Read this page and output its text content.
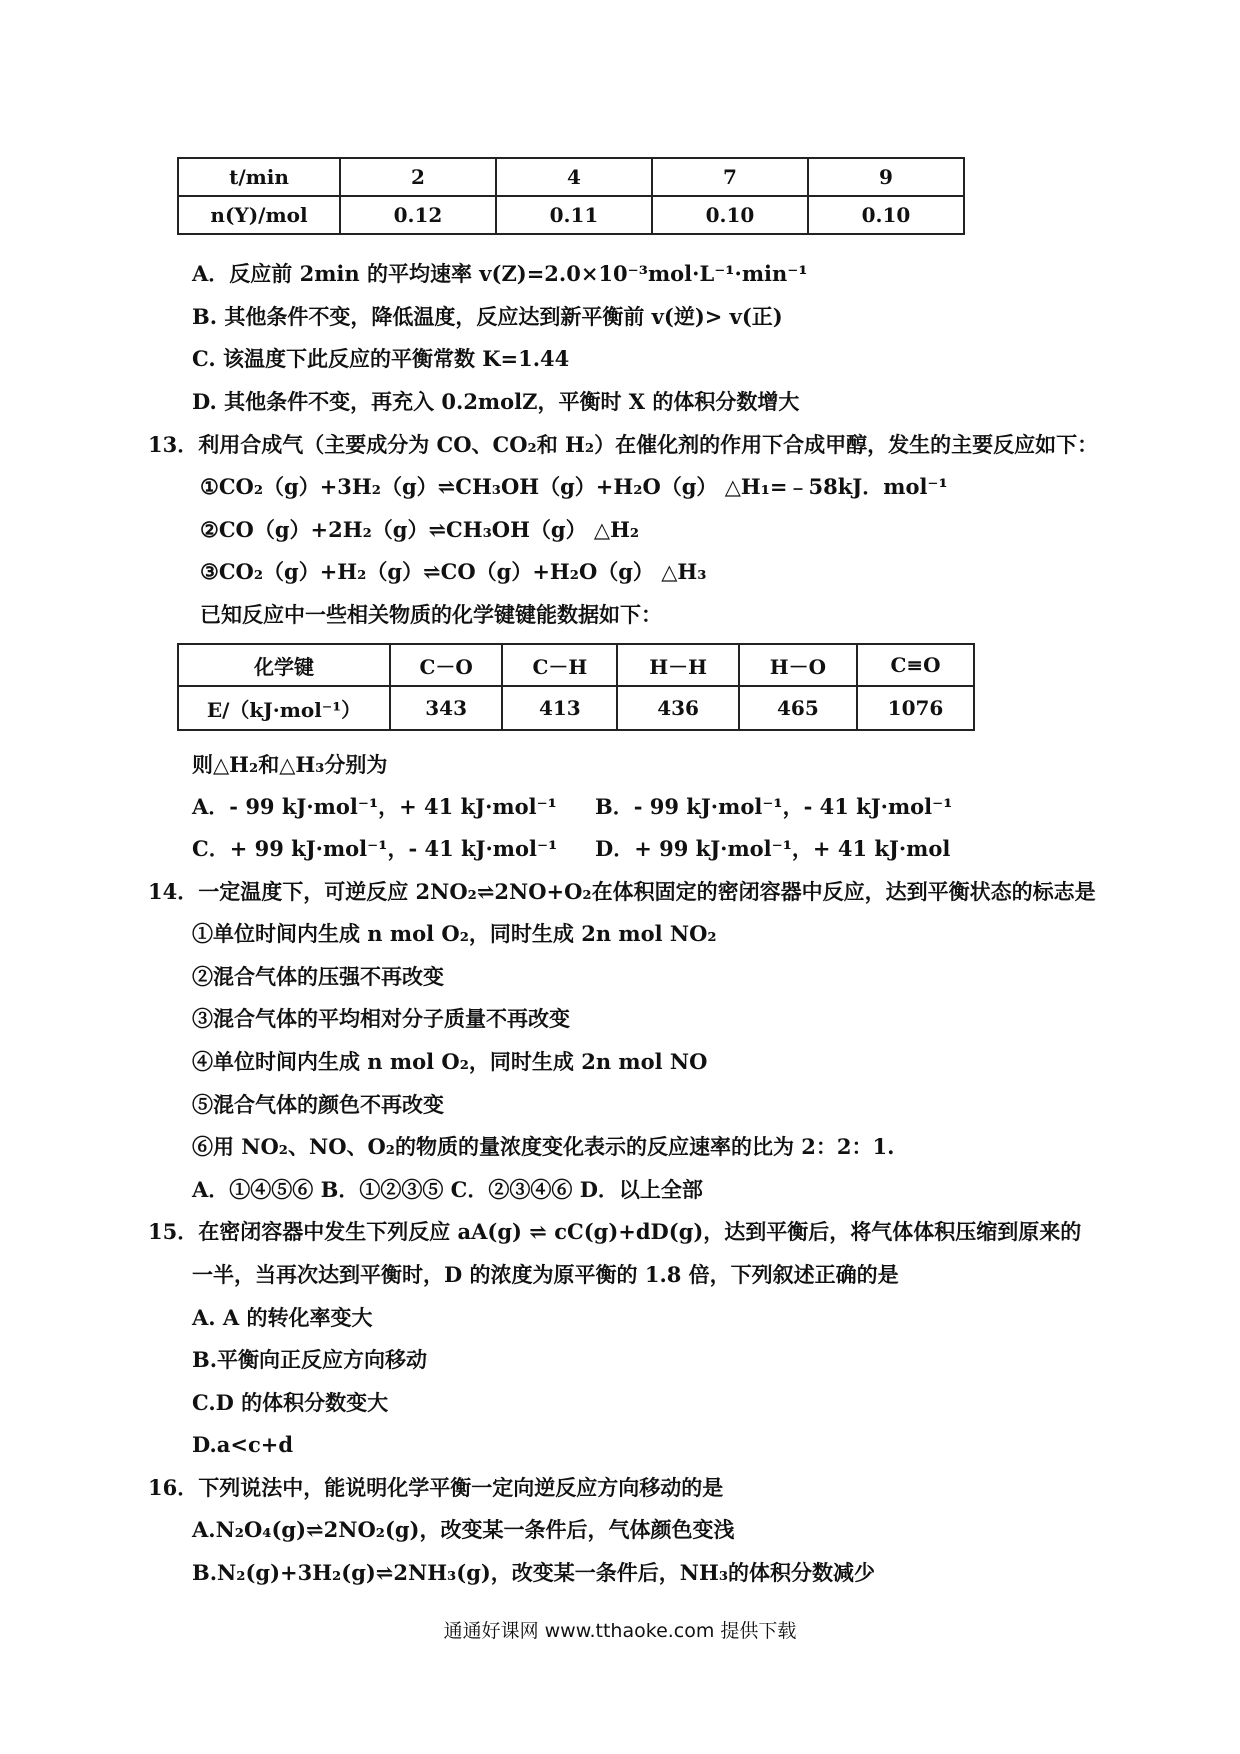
t/min	2	4	7	9
n(Y)/mol	0.12	0.11	0.10	0.10
A．反应前 2min 的平均速率 v(Z)=2.0×10⁻³mol·L⁻¹·min⁻¹
B. 其他条件不变，降低温度，反应达到新平衡前 v(逆)> v(正)
C. 该温度下此反应的平衡常数 K=1.44
D. 其他条件不变，再充入 0.2molZ，平衡时 X 的体积分数增大
13．利用合成气（主要成分为 CO、CO₂和 H₂）在催化剂的作用下合成甲醇，发生的主要反应如下：
①CO₂（g）+3H₂（g）⇌CH₃OH（g）+H₂O（g） △H₁=﹣58kJ．mol⁻¹
②CO（g）+2H₂（g）⇌CH₃OH（g） △H₂
③CO₂（g）+H₂（g）⇌CO（g）+H₂O（g） △H₃
已知反应中一些相关物质的化学键键能数据如下：
化学键	C－O	C－H	H－H	H－O	C≡O
E/（kJ·mol⁻¹）	343	413	436	465	1076
则△H₂和△H₃分别为
A．- 99 kJ·mol⁻¹，+ 41 kJ·mol⁻¹ B．- 99 kJ·mol⁻¹，- 41 kJ·mol⁻¹
C．+ 99 kJ·mol⁻¹，- 41 kJ·mol⁻¹ D．+ 99 kJ·mol⁻¹，+ 41 kJ·mol
14．一定温度下，可逆反应 2NO₂⇌2NO+O₂在体积固定的密闭容器中反应，达到平衡状态的标志是
①单位时间内生成 n mol O₂，同时生成 2n mol NO₂
②混合气体的压强不再改变
③混合气体的平均相对分子质量不再改变
④单位时间内生成 n mol O₂，同时生成 2n mol NO
⑤混合气体的颜色不再改变
⑥用 NO₂、NO、O₂的物质的量浓度变化表示的反应速率的比为 2：2：1.
A．①④⑤⑥ B．①②③⑤ C．②③④⑥ D．以上全部
15．在密闭容器中发生下列反应 aA(g) ⇌ cC(g)+dD(g)，达到平衡后，将气体体积压缩到原来的
一半，当再次达到平衡时，D 的浓度为原平衡的 1.8 倍，下列叙述正确的是
A. A 的转化率变大
B.平衡向正反应方向移动
C.D 的体积分数变大
D.a<c+d
16．下列说法中，能说明化学平衡一定向逆反应方向移动的是
A.N₂O₄(g)⇌2NO₂(g)，改变某一条件后，气体颜色变浅
B.N₂(g)+3H₂(g)⇌2NH₃(g)，改变某一条件后，NH₃的体积分数减少
通通好课网 www.tthaoke.com 提供下载
